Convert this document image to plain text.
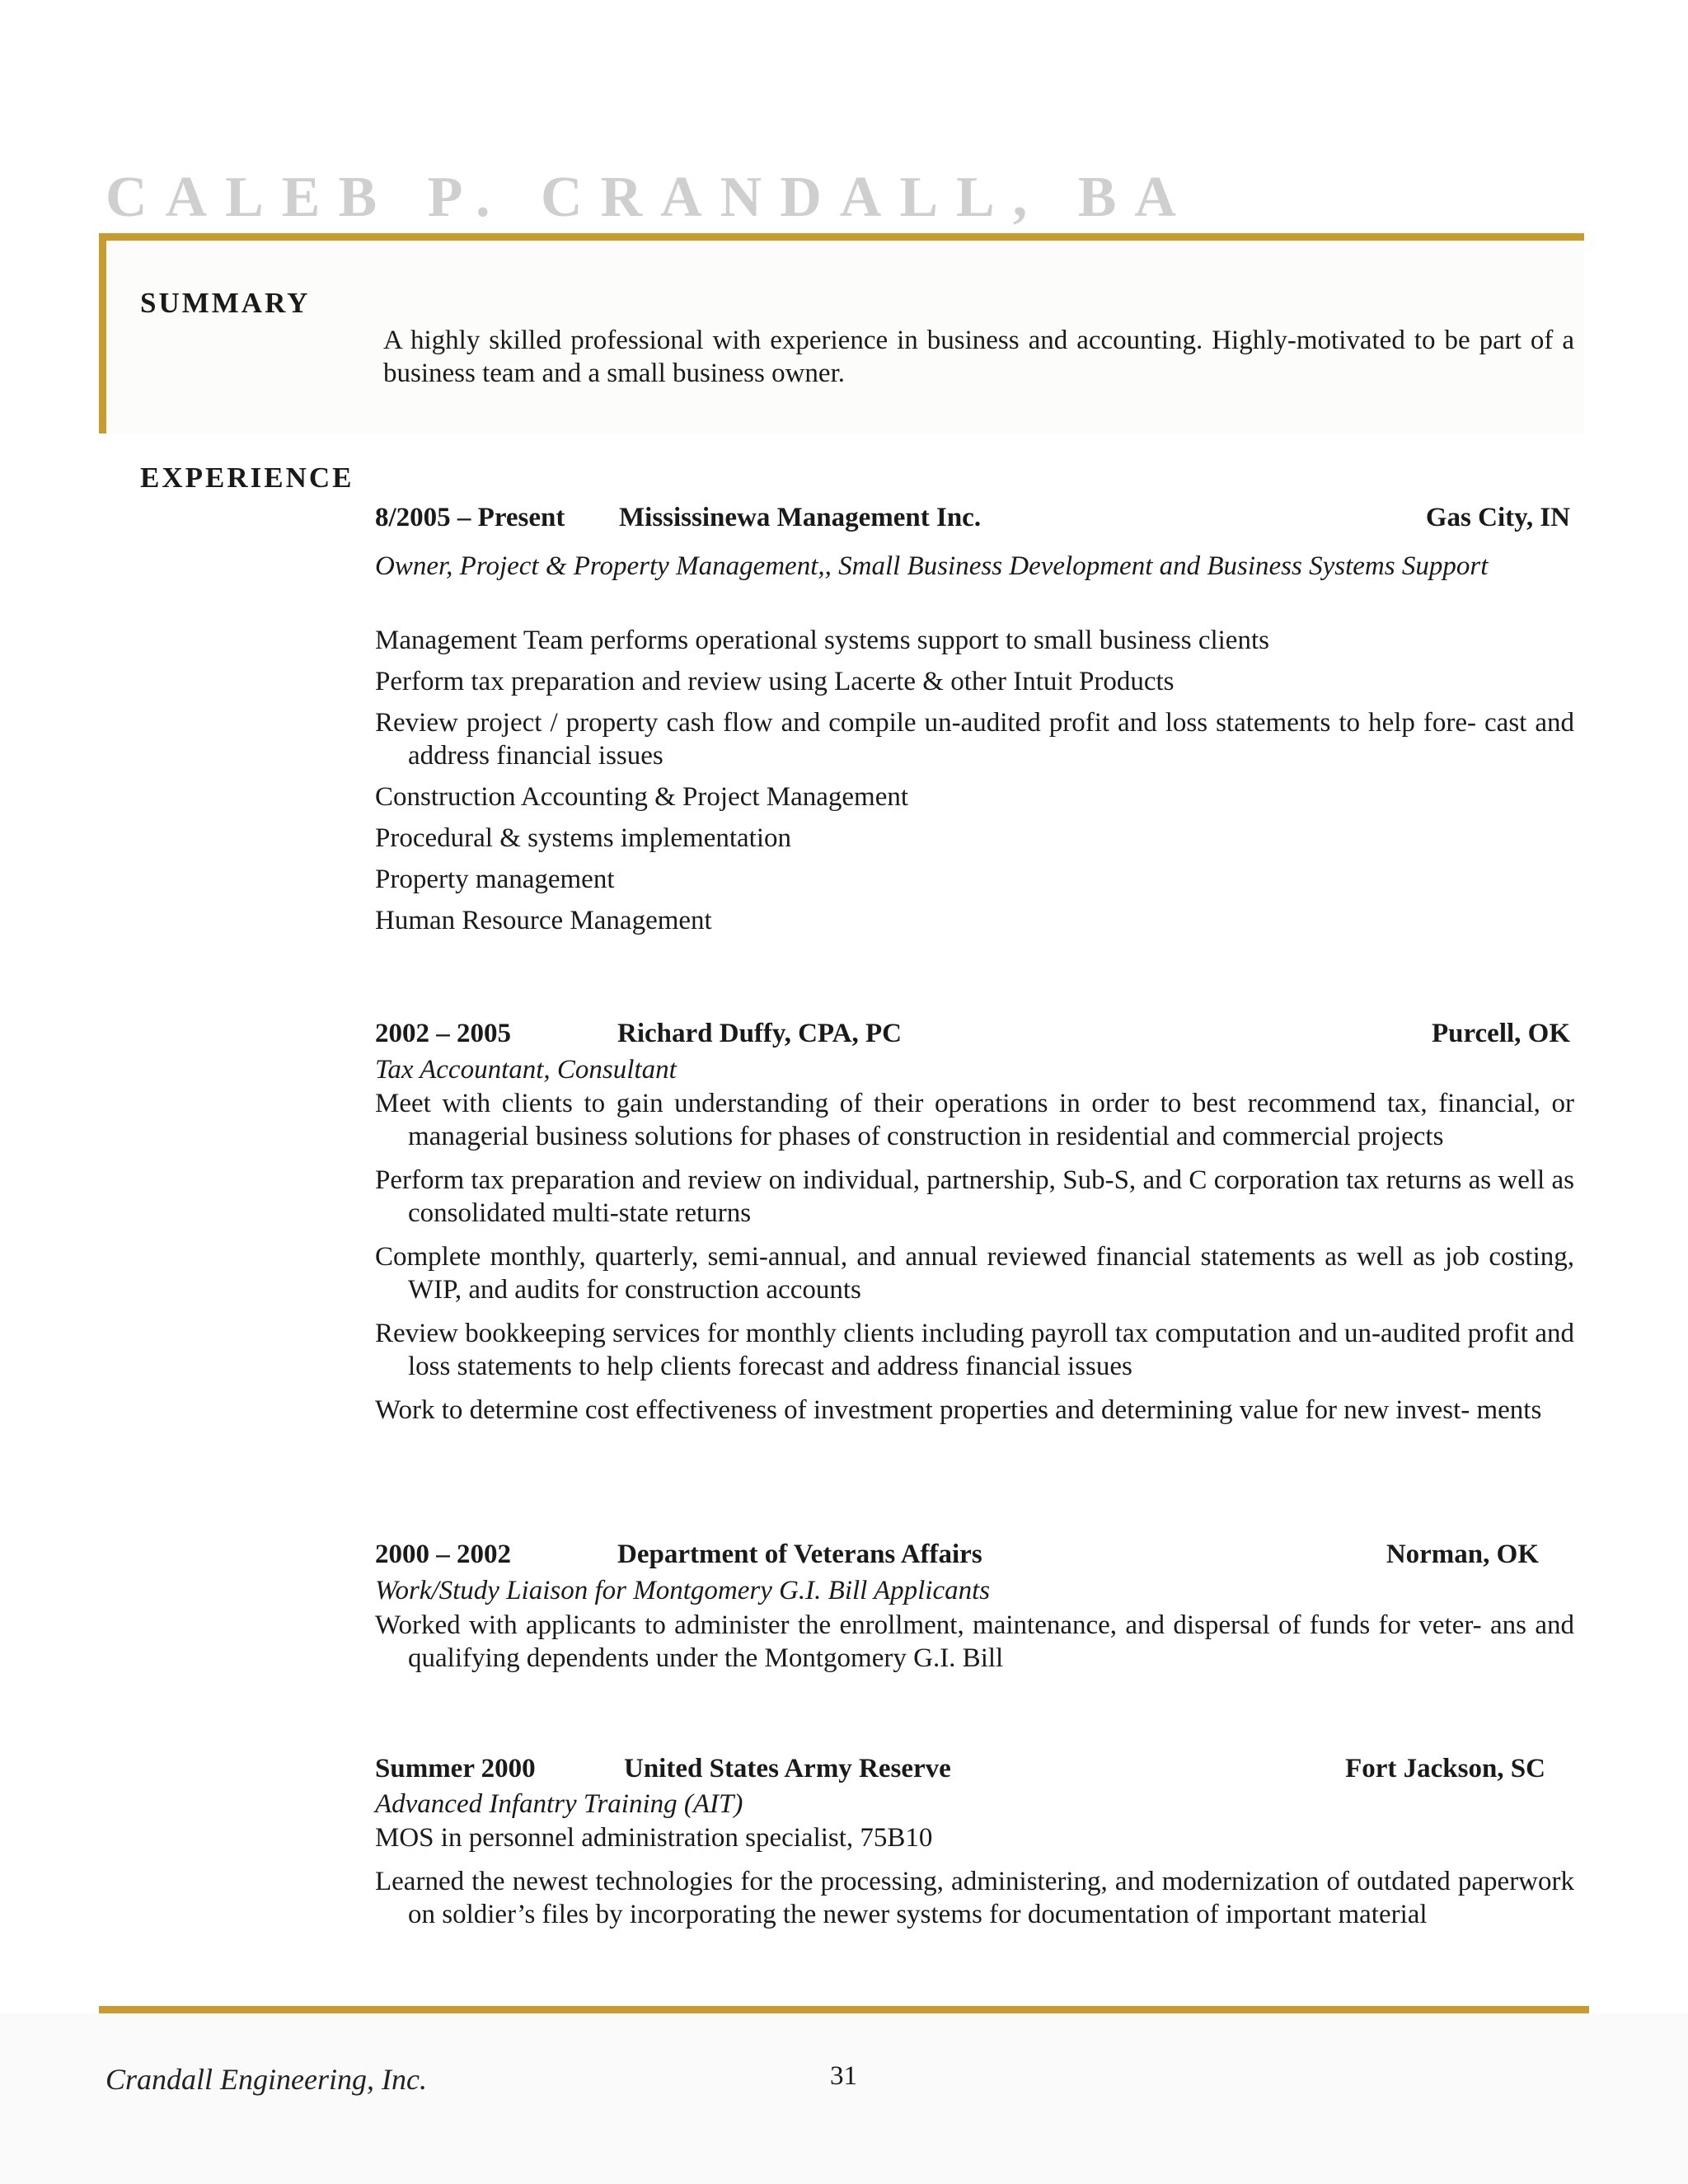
CALEB P. CRANDALL, BA
SUMMARY
A highly skilled professional with experience in business and accounting. Highly-motivated to be part of a business team and a small business owner.
EXPERIENCE
8/2005 – Present Mississinewa Management Inc.	Gas City, IN
Owner, Project & Property Management,, Small Business Development and Business Systems Support
Management Team performs operational systems support to small business clients
Perform tax preparation and review using Lacerte & other Intuit Products
Review project / property cash flow and compile un-audited profit and loss statements to help fore- cast and address financial issues
Construction Accounting & Project Management
Procedural & systems implementation
Property management
Human Resource Management
2002 – 2005	Richard Duffy, CPA, PC	Purcell, OK
Tax Accountant, Consultant
Meet with clients to gain understanding of their operations in order to best recommend tax, financial, or managerial business solutions for phases of construction in residential and commercial projects
Perform tax preparation and review on individual, partnership, Sub-S, and C corporation tax returns as well as consolidated multi-state returns
Complete monthly, quarterly, semi-annual, and annual reviewed financial statements as well as job costing, WIP, and audits for construction accounts
Review bookkeeping services for monthly clients including payroll tax computation and un-audited profit and loss statements to help clients forecast and address financial issues
Work to determine cost effectiveness of investment properties and determining value for new invest- ments
2000 – 2002	Department of Veterans Affairs	Norman, OK
Work/Study Liaison for Montgomery G.I. Bill Applicants
Worked with applicants to administer the enrollment, maintenance, and dispersal of funds for veter- ans and qualifying dependents under the Montgomery G.I. Bill
Summer 2000	United States Army Reserve	Fort Jackson, SC
Advanced Infantry Training (AIT)
MOS in personnel administration specialist, 75B10
Learned the newest technologies for the processing, administering, and modernization of outdated paperwork on soldier’s files by incorporating the newer systems for documentation of important material
Crandall Engineering, Inc.	31
